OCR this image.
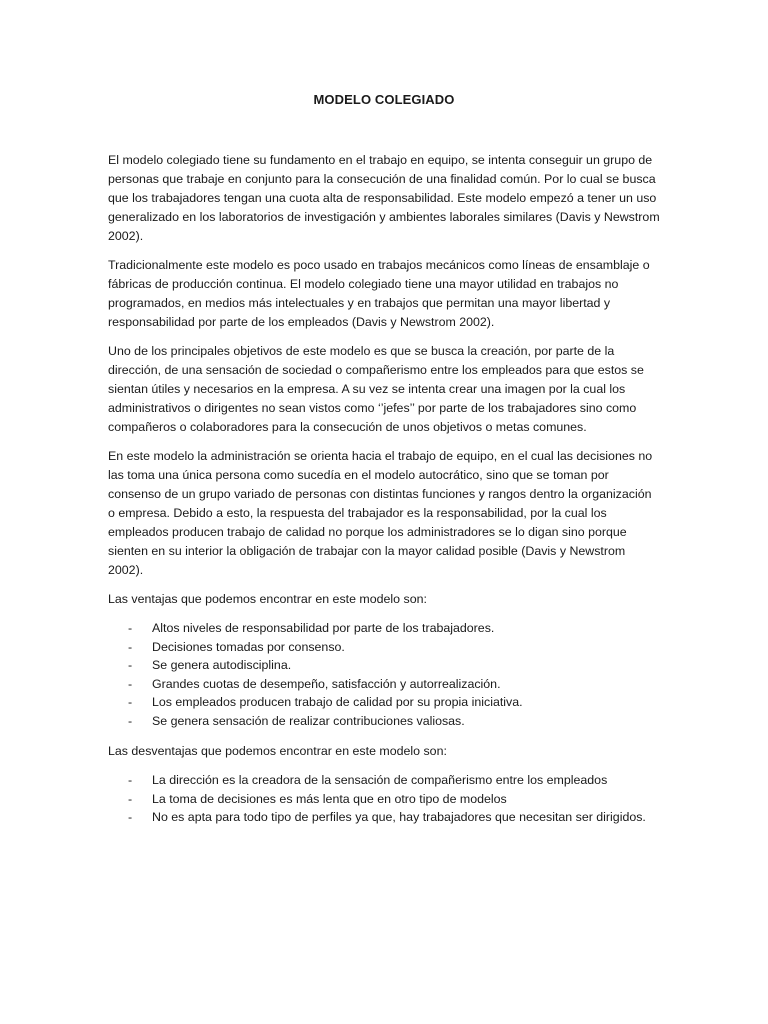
MODELO COLEGIADO

El modelo colegiado tiene su fundamento en el trabajo en equipo, se intenta conseguir un grupo de personas que trabaje en conjunto para la consecución de una finalidad común. Por lo cual se busca que los trabajadores tengan una cuota alta de responsabilidad. Este modelo empezó a tener un uso generalizado en los laboratorios de investigación y ambientes laborales similares (Davis y Newstrom 2002).

Tradicionalmente este modelo es poco usado en trabajos mecánicos como líneas de ensamblaje o fábricas de producción continua. El modelo colegiado tiene una mayor utilidad en trabajos no programados, en medios más intelectuales y en trabajos que permitan una mayor libertad y responsabilidad por parte de los empleados (Davis y Newstrom 2002).

Uno de los principales objetivos de este modelo es que se busca la creación, por parte de la dirección, de una sensación de sociedad o compañerismo entre los empleados para que estos se sientan útiles y necesarios en la empresa. A su vez se intenta crear una imagen por la cual los administrativos o dirigentes no sean vistos como ‘’jefes’’ por parte de los trabajadores sino como compañeros o colaboradores para la consecución de unos objetivos o metas comunes.

En este modelo la administración se orienta hacia el trabajo de equipo, en el cual las decisiones no las toma una única persona como sucedía en el modelo autocrático, sino que se toman por consenso de un grupo variado de personas con distintas funciones y rangos dentro la organización o empresa. Debido a esto, la respuesta del trabajador es la responsabilidad, por la cual los empleados producen trabajo de calidad no porque los administradores se lo digan sino porque sienten en su interior la obligación de trabajar con la mayor calidad posible (Davis y Newstrom 2002).

Las ventajas que podemos encontrar en este modelo son:

- Altos niveles de responsabilidad por parte de los trabajadores.
- Decisiones tomadas por consenso.
- Se genera autodisciplina.
- Grandes cuotas de desempeño, satisfacción y autorrealización.
- Los empleados producen trabajo de calidad por su propia iniciativa.
- Se genera sensación de realizar contribuciones valiosas.

Las desventajas que podemos encontrar en este modelo son:

- La dirección es la creadora de la sensación de compañerismo entre los empleados
- La toma de decisiones es más lenta que en otro tipo de modelos
- No es apta para todo tipo de perfiles ya que, hay trabajadores que necesitan ser dirigidos.
